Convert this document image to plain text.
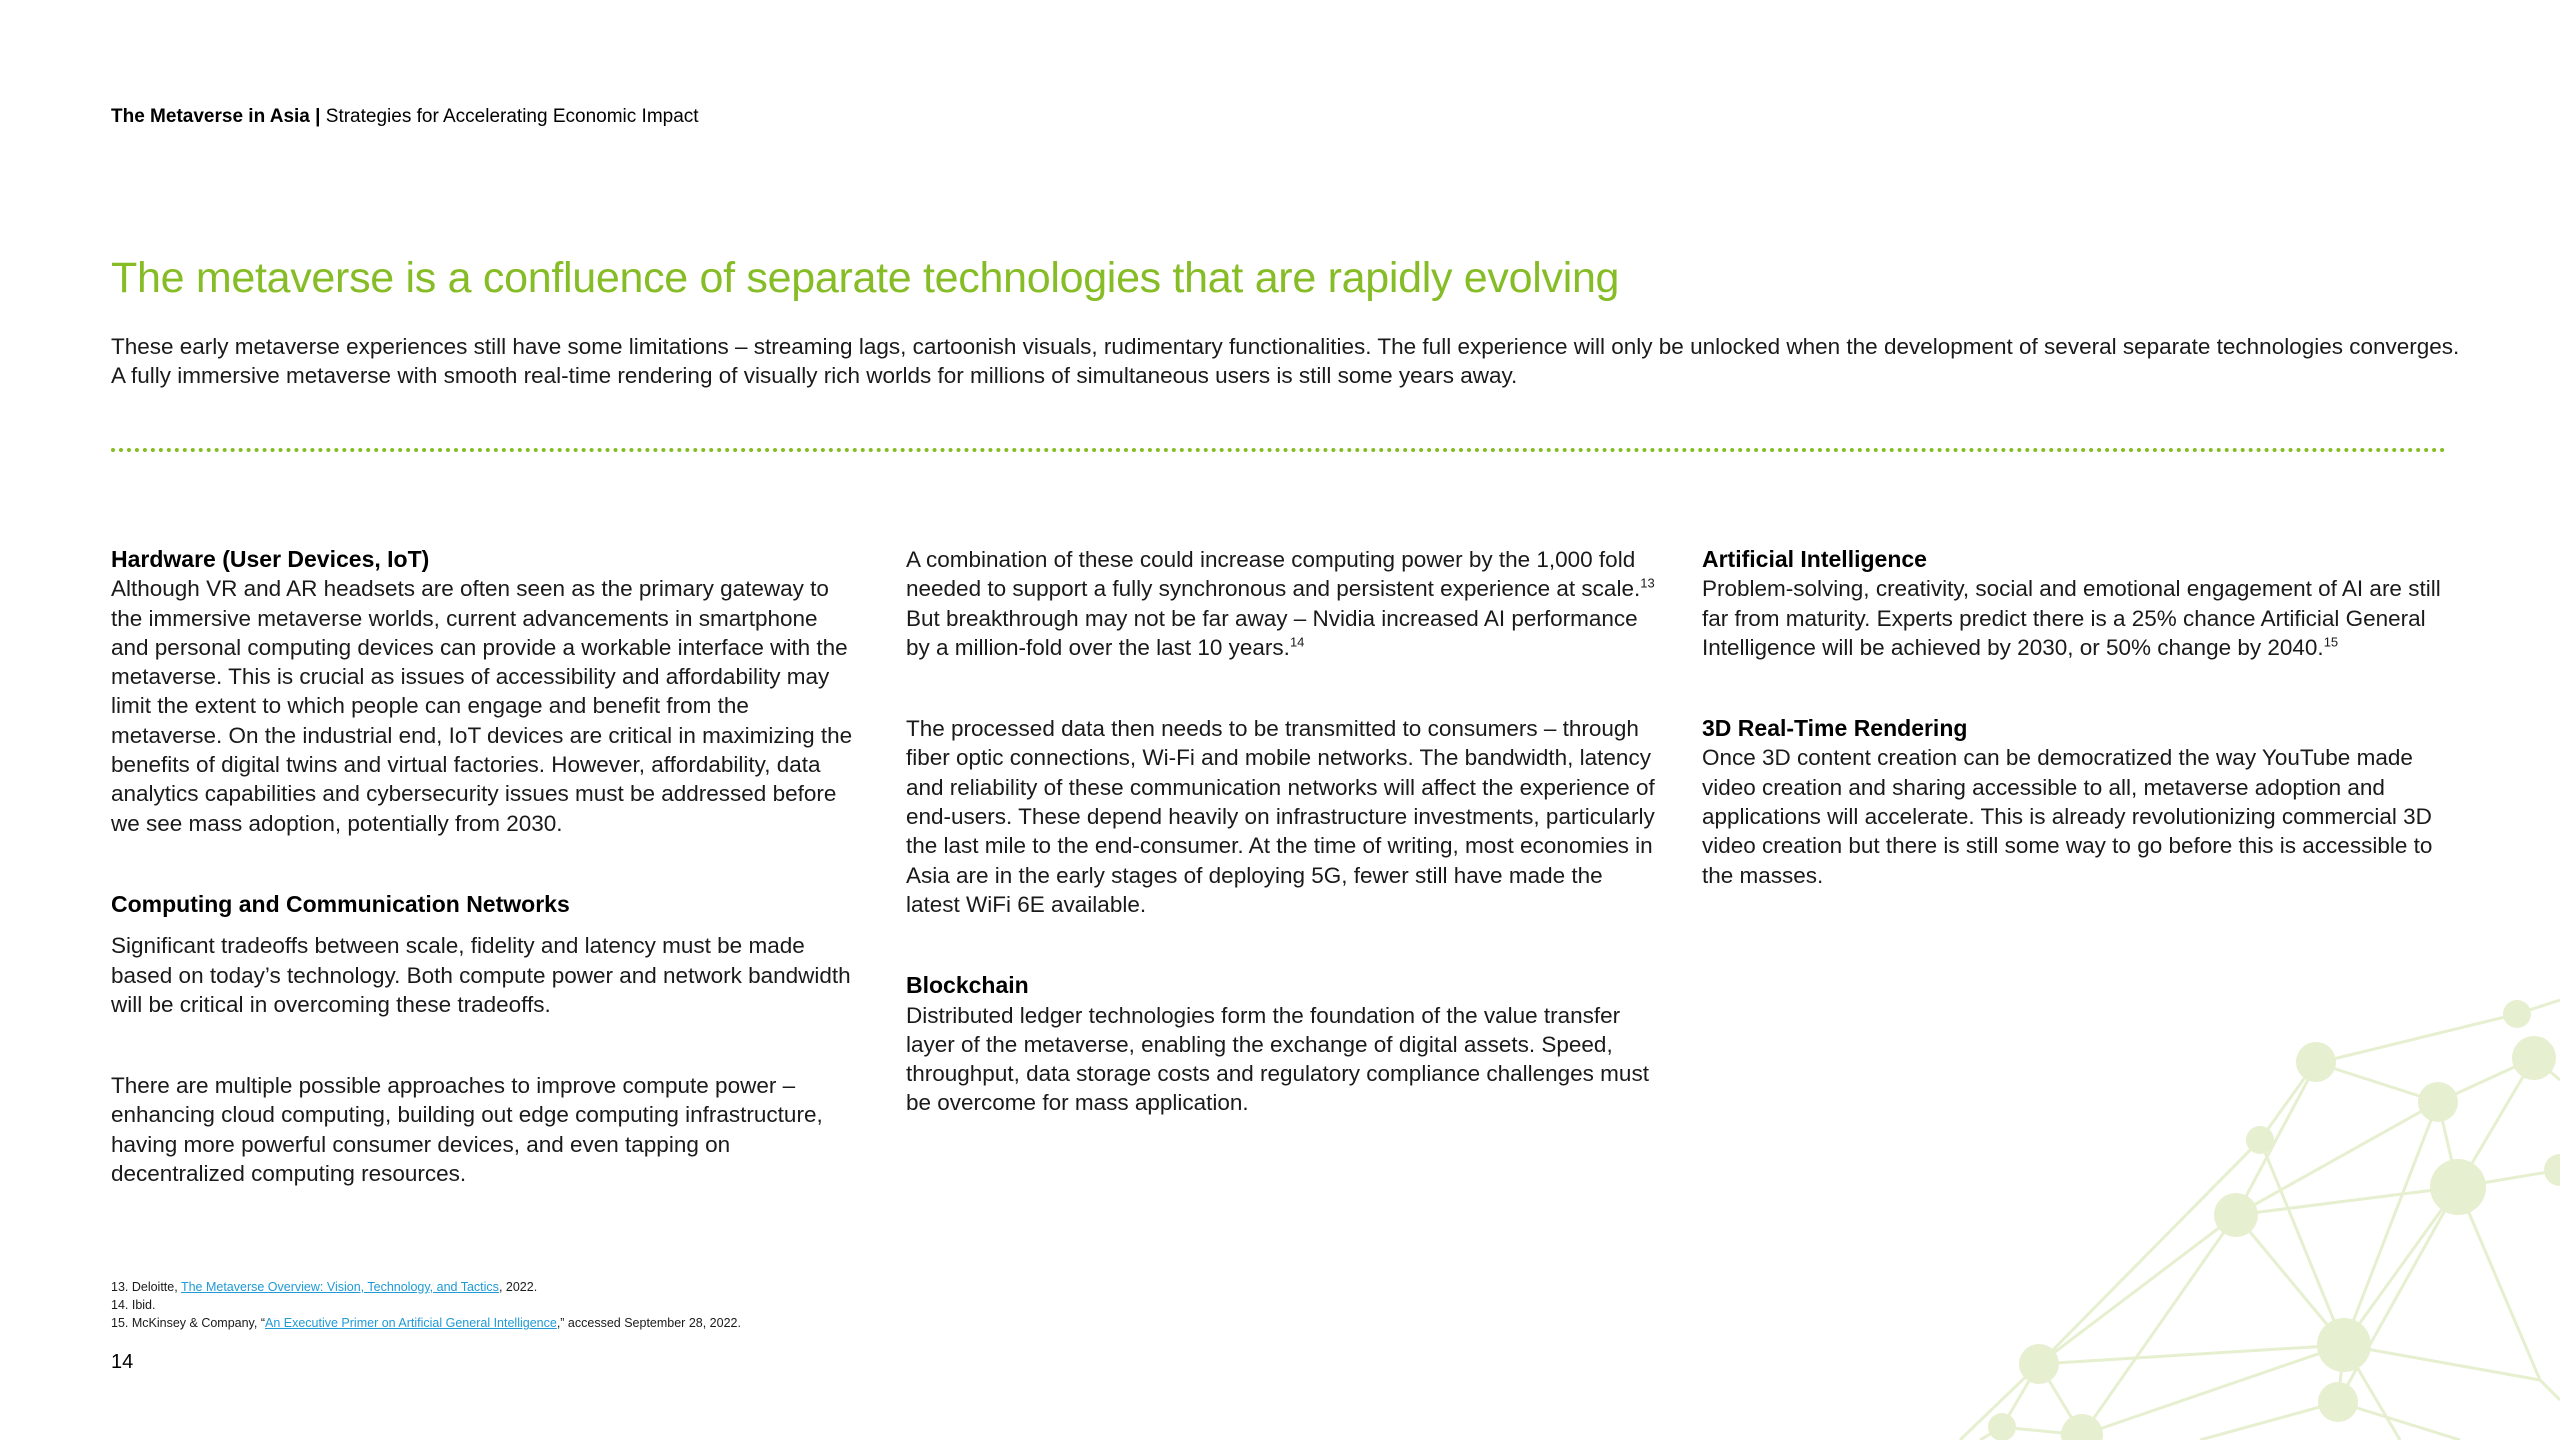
The Metaverse in Asia | Strategies for Accelerating Economic Impact
The metaverse is a confluence of separate technologies that are rapidly evolving
These early metaverse experiences still have some limitations – streaming lags, cartoonish visuals, rudimentary functionalities. The full experience will only be unlocked when the development of several separate technologies converges.
A fully immersive metaverse with smooth real-time rendering of visually rich worlds for millions of simultaneous users is still some years away.
Hardware (User Devices, IoT)

Although VR and AR headsets are often seen as the primary gateway to the immersive metaverse worlds, current advancements in smartphone and personal computing devices can provide a workable interface with the metaverse. This is crucial as issues of accessibility and affordability may limit the extent to which people can engage and benefit from the metaverse. On the industrial end, IoT devices are critical in maximizing the benefits of digital twins and virtual factories. However, affordability, data analytics capabilities and cybersecurity issues must be addressed before we see mass adoption, potentially from 2030.

Computing and Communication Networks

Significant tradeoffs between scale, fidelity and latency must be made based on today’s technology. Both compute power and network bandwidth will be critical in overcoming these tradeoffs.

There are multiple possible approaches to improve compute power – enhancing cloud computing, building out edge computing infrastructure, having more powerful consumer devices, and even tapping on decentralized computing resources.

A combination of these could increase computing power by the 1,000 fold needed to support a fully synchronous and persistent experience at scale.$^{13}$ But breakthrough may not be far away – Nvidia increased AI performance by a million-fold over the last 10 years.$^{14}$

The processed data then needs to be transmitted to consumers – through fiber optic connections, Wi-Fi and mobile networks. The bandwidth, latency and reliability of these communication networks will affect the experience of end-users. These depend heavily on infrastructure investments, particularly the last mile to the end-consumer. At the time of writing, most economies in Asia are in the early stages of deploying 5G, fewer still have made the latest WiFi 6E available.

Blockchain

Distributed ledger technologies form the foundation of the value transfer layer of the metaverse, enabling the exchange of digital assets. Speed, throughput, data storage costs and regulatory compliance challenges must be overcome for mass application.

Artificial Intelligence

Problem-solving, creativity, social and emotional engagement of AI are still far from maturity. Experts predict there is a 25% chance Artificial General Intelligence will be achieved by 2030, or 50% change by 2040.15

3D Real-Time Rendering

Once 3D content creation can be democratized the way YouTube made video creation and sharing accessible to all, metaverse adoption and applications will accelerate. This is already revolutionizing commercial 3D video creation but there is still some way to go before this is accessible to the masses.

13. Deloitte, The Metaverse Overview: Vision, Technology, and Tactics, 2022.
14. Ibid.
15. McKinsey & Company, “An Executive Primer on Artificial General Intelligence,” accessed September 28, 2022.
14
